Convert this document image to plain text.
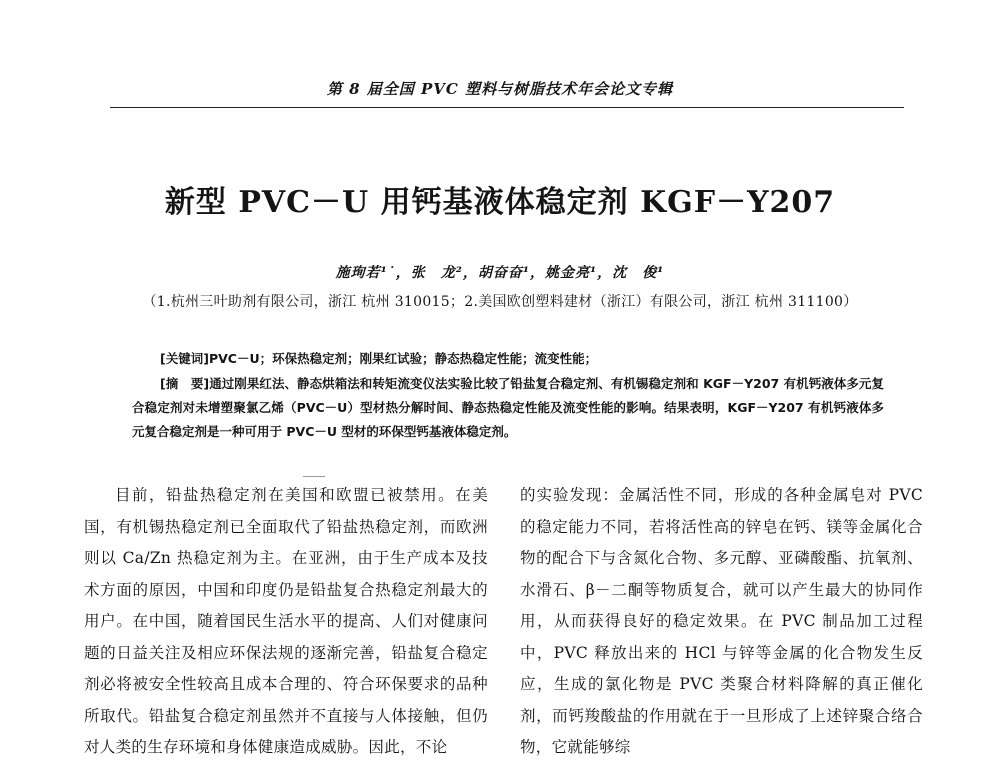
第 8 届全国 PVC 塑料与树脂技术年会论文专辑
新型 PVC－U 用钙基液体稳定剂 KGF－Y207
施珣若¹˙，张　龙²，胡奋奋¹，姚金亮¹，沈　俊¹
（1.杭州三叶助剂有限公司，浙江 杭州 310015；2.美国欧创塑料建材（浙江）有限公司，浙江 杭州 311100）
[关键词]PVC－U；环保热稳定剂；刚果红试验；静态热稳定性能；流变性能；
[摘　要]通过刚果红法、静态烘箱法和转矩流变仪法实验比较了铅盐复合稳定剂、有机锡稳定剂和 KGF－Y207 有机钙液体多元复合稳定剂对未增塑聚氯乙烯（PVC－U）型材热分解时间、静态热稳定性能及流变性能的影响。结果表明，KGF－Y207 有机钙液体多元复合稳定剂是一种可用于 PVC－U 型材的环保型钙基液体稳定剂。
目前，铅盐热稳定剂在美国和欧盟已被禁用。在美国，有机锡热稳定剂已全面取代了铅盐热稳定剂，而欧洲则以 Ca/Zn 热稳定剂为主。在亚洲，由于生产成本及技术方面的原因，中国和印度仍是铅盐复合热稳定剂最大的用户。在中国，随着国民生活水平的提高、人们对健康问题的日益关注及相应环保法规的逐渐完善，铅盐复合稳定剂必将被安全性较高且成本合理的、符合环保要求的品种所取代。铅盐复合稳定剂虽然并不直接与人体接触，但仍对人类的生存环境和身体健康造成威胁。因此，不论
的实验发现：金属活性不同，形成的各种金属皂对 PVC 的稳定能力不同，若将活性高的锌皂在钙、镁等金属化合物的配合下与含氮化合物、多元醇、亚磷酸酯、抗氧剂、水滑石、β－二酮等物质复合，就可以产生最大的协同作用，从而获得良好的稳定效果。在 PVC 制品加工过程中，PVC 释放出来的 HCl 与锌等金属的化合物发生反应，生成的氯化物是 PVC 类聚合材料降解的真正催化剂，而钙羧酸盐的作用就在于一旦形成了上述锌聚合络合物，它就能够综
